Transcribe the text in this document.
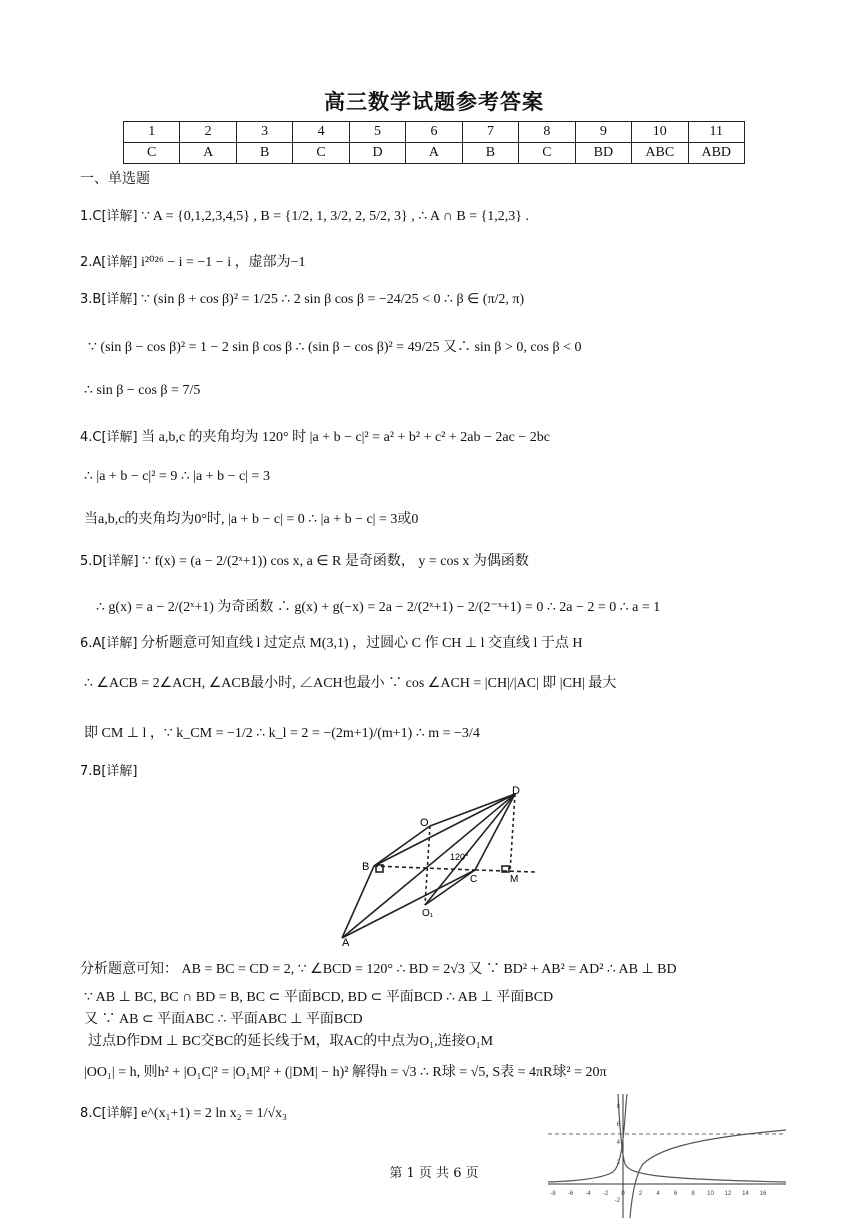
高三数学试题参考答案
1	2	3	4	5	6	7	8	9	10	11
C	A	B	C	D	A	B	C	BD	ABC	ABD
一、单选题
1.C[详解] ∵ A = {0,1,2,3,4,5} , B = {1/2, 1, 3/2, 2, 5/2, 3} , ∴ A ∩ B = {1,2,3} .
2.A[详解] i²⁰²⁶ − i = −1 − i ，虚部为−1
3.B[详解] ∵ (sin β + cos β)² = 1/25 ∴ 2 sin β cos β = −24/25 < 0 ∴ β ∈ (π/2, π)
∵ (sin β − cos β)² = 1 − 2 sin β cos β ∴ (sin β − cos β)² = 49/25 又∴ sin β > 0, cos β < 0
∴ sin β − cos β = 7/5
4.C[详解] 当 a,b,c 的夹角均为 120° 时 |a + b − c|² = a² + b² + c² + 2ab − 2ac − 2bc
∴ |a + b − c|² = 9 ∴ |a + b − c| = 3
当a,b,c的夹角均为0°时, |a + b − c| = 0 ∴ |a + b − c| = 3或0
5.D[详解] ∵ f(x) = (a − 2/(2ˣ+1)) cos x, a ∈ R 是奇函数， y = cos x 为偶函数
∴ g(x) = a − 2/(2ˣ+1) 为奇函数 ∴ g(x) + g(−x) = 2a − 2/(2ˣ+1) − 2/(2⁻ˣ+1) = 0 ∴ 2a − 2 = 0 ∴ a = 1
6.A[详解] 分析题意可知直线 l 过定点 M(3,1) ，过圆心 C 作 CH ⊥ l 交直线 l 于点 H
∴ ∠ACB = 2∠ACH, ∠ACB最小时, ∠ACH也最小 ∵ cos ∠ACH = |CH|/|AC| 即 |CH| 最大
即 CM ⊥ l ，∵ k_CM = −1/2 ∴ k_l = 2 = −(2m+1)/(m+1) ∴ m = −3/4
7.B[详解]
D
O
B
C	M
O₁
A
120°
分析题意可知： AB = BC = CD = 2, ∵ ∠BCD = 120° ∴ BD = 2√3 又 ∵ BD² + AB² = AD² ∴ AB ⊥ BD
∵ AB ⊥ BC, BC ∩ BD = B, BC ⊂ 平面BCD, BD ⊂ 平面BCD ∴ AB ⊥ 平面BCD
又 ∵ AB ⊂ 平面ABC ∴ 平面ABC ⊥ 平面BCD
过点D作DM ⊥ BC交BC的延长线于M，取AC的中点为O₁,连接O₁M
|OO₁| = h, 则h² + |O₁C|² = |O₁M|² + (|DM| − h)² 解得h = √3 ∴ R球 = √5, S表 = 4πR球² = 20π
8.C[详解] e^(x₁+1) = 2 ln x₂ = 1/√x₃
-8 -6 -4 -2 0 2 4 6 8 10 12 14 16
8
6
4
2
-2
第 1 页 共 6 页
